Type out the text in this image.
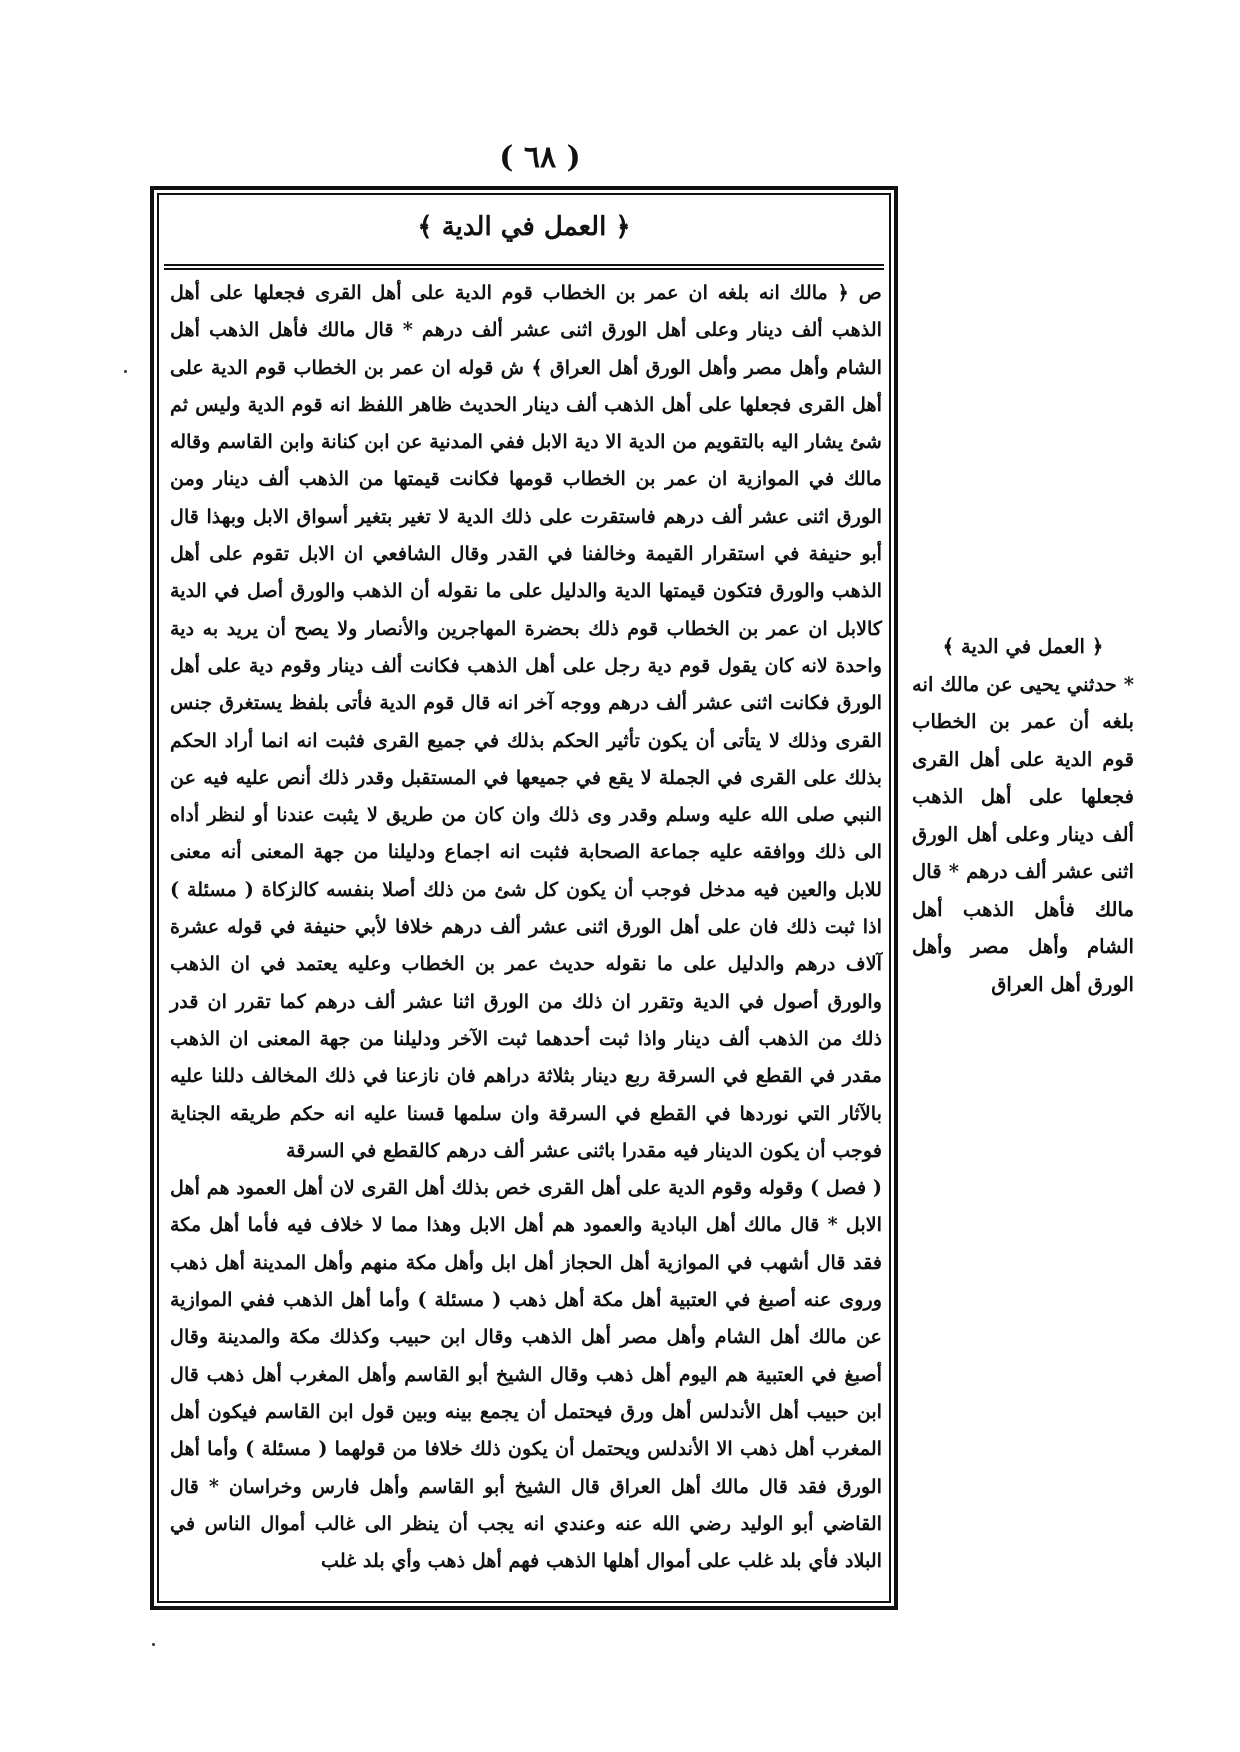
( ٦٨ )
﴿ العمل في الدية ﴾

ص ﴿ مالك انه بلغه ان عمر بن الخطاب قوم الدية على أهل القرى فجعلها على أهل الذهب ألف دينار وعلى أهل الورق اثنى عشر ألف درهم * قال مالك فأهل الذهب أهل الشام وأهل مصر وأهل الورق أهل العراق ﴾ ش قوله ان عمر بن الخطاب قوم الدية على أهل القرى فجعلها على أهل الذهب ألف دينار الحديث ظاهر اللفظ انه قوم الدية وليس ثم شئ يشار اليه بالتقويم من الدية الا دية الابل ففي المدنية عن ابن كنانة وابن القاسم وقاله مالك في الموازية ان عمر بن الخطاب قومها فكانت قيمتها من الذهب ألف دينار ومن الورق اثنى عشر ألف درهم فاستقرت على ذلك الدية لا تغير بتغير أسواق الابل وبهذا قال أبو حنيفة في استقرار القيمة وخالفنا في القدر وقال الشافعي ان الابل تقوم على أهل الذهب والورق فتكون قيمتها الدية والدليل على ما نقوله أن الذهب والورق أصل في الدية كالابل ان عمر بن الخطاب قوم ذلك بحضرة المهاجرين والأنصار ولا يصح أن يريد به دية واحدة لانه كان يقول قوم دية رجل على أهل الذهب فكانت ألف دينار وقوم دية على أهل الورق فكانت اثنى عشر ألف درهم ووجه آخر انه قال قوم الدية فأتى بلفظ يستغرق جنس القرى وذلك لا يتأتى أن يكون تأثير الحكم بذلك في جميع القرى فثبت انه انما أراد الحكم بذلك على القرى في الجملة لا يقع في جميعها في المستقبل وقدر ذلك أنص عليه فيه عن النبي صلى الله عليه وسلم وقدر وى ذلك وان كان من طريق لا يثبت عندنا أو لنظر أداه الى ذلك ووافقه عليه جماعة الصحابة فثبت انه اجماع ودليلنا من جهة المعنى أنه معنى للابل والعين فيه مدخل فوجب أن يكون كل شئ من ذلك أصلا بنفسه كالزكاة ( مسئلة ) اذا ثبت ذلك فان على أهل الورق اثنى عشر ألف درهم خلافا لأبي حنيفة في قوله عشرة آلاف درهم والدليل على ما نقوله حديث عمر بن الخطاب وعليه يعتمد في ان الذهب والورق أصول في الدية وتقرر ان ذلك من الورق اثنا عشر ألف درهم كما تقرر ان قدر ذلك من الذهب ألف دينار واذا ثبت أحدهما ثبت الآخر ودليلنا من جهة المعنى ان الذهب مقدر في القطع في السرقة ربع دينار بثلاثة دراهم فان نازعنا في ذلك المخالف دللنا عليه بالآثار التي نوردها في القطع في السرقة وان سلمها قسنا عليه انه حكم طريقه الجناية فوجب أن يكون الدينار فيه مقدرا باثنى عشر ألف درهم كالقطع في السرقة

( فصل ) وقوله وقوم الدية على أهل القرى خص بذلك أهل القرى لان أهل العمود هم أهل الابل * قال مالك أهل البادية والعمود هم أهل الابل وهذا مما لا خلاف فيه فأما أهل مكة فقد قال أشهب في الموازية أهل الحجاز أهل ابل وأهل مكة منهم وأهل المدينة أهل ذهب وروى عنه أصبغ في العتبية أهل مكة أهل ذهب ( مسئلة ) وأما أهل الذهب ففي الموازية عن مالك أهل الشام وأهل مصر أهل الذهب وقال ابن حبيب وكذلك مكة والمدينة وقال أصبغ في العتبية هم اليوم أهل ذهب وقال الشيخ أبو القاسم وأهل المغرب أهل ذهب قال ابن حبيب أهل الأندلس أهل ورق فيحتمل أن يجمع بينه وبين قول ابن القاسم فيكون أهل المغرب أهل ذهب الا الأندلس ويحتمل أن يكون ذلك خلافا من قولهما ( مسئلة ) وأما أهل الورق فقد قال مالك أهل العراق قال الشيخ أبو القاسم وأهل فارس وخراسان * قال القاضي أبو الوليد رضي الله عنه وعندي انه يجب أن ينظر الى غالب أموال الناس في البلاد فأي بلد غلب على أموال أهلها الذهب فهم أهل ذهب وأي بلد غلب

﴿ العمل في الدية ﴾

* حدثني يحيى عن مالك انه بلغه أن عمر بن الخطاب قوم الدية على أهل القرى فجعلها على أهل الذهب ألف دينار وعلى أهل الورق اثنى عشر ألف درهم * قال مالك فأهل الذهب أهل الشام وأهل مصر وأهل الورق أهل العراق
